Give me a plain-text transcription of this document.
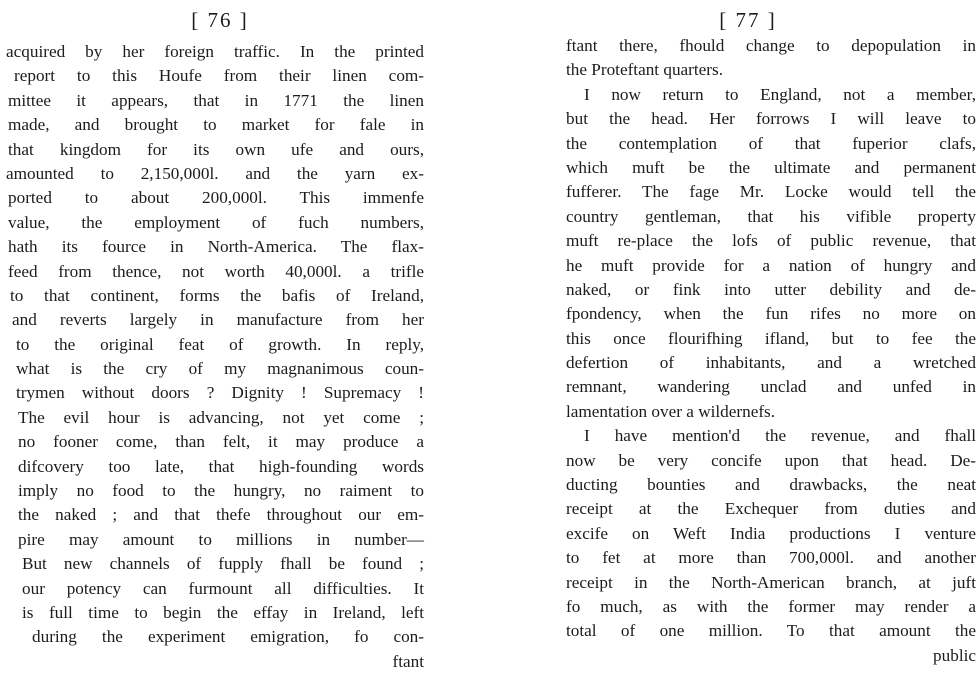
[ 76 ]
acquired by her foreign traffic. In the printed
report to this Houfe from their linen com-
mittee it appears, that in 1771 the linen
made, and brought to market for fale in
that kingdom for its own ufe and ours,
amounted to 2,150,000l. and the yarn ex-
ported to about 200,000l. This immenfe
value, the employment of fuch numbers,
hath its fource in North-America. The flax-
feed from thence, not worth 40,000l. a trifle
to that continent, forms the bafis of Ireland,
and reverts largely in manufacture from her
to the original feat of growth. In reply,
what is the cry of my magnanimous coun-
trymen without doors ? Dignity ! Supremacy !
The evil hour is advancing, not yet come ;
no fooner come, than felt, it may produce a
difcovery too late, that high-founding words
imply no food to the hungry, no raiment to
the naked ; and that thefe throughout our em-
pire may amount to millions in number—
But new channels of fupply fhall be found ;
our potency can furmount all difficulties. It
is full time to begin the effay in Ireland, left
during the experiment emigration, fo con-
ftant
[ 77 ]
ftant there, fhould change to depopulation in
the Proteftant quarters.
I now return to England, not a member,
but the head. Her forrows I will leave to
the contemplation of that fuperior clafs,
which muft be the ultimate and permanent
fufferer. The fage Mr. Locke would tell the
country gentleman, that his vifible property
muft re-place the lofs of public revenue, that
he muft provide for a nation of hungry and
naked, or fink into utter debility and de-
fpondency, when the fun rifes no more on
this once flourifhing ifland, but to fee the
defertion of inhabitants, and a wretched
remnant, wandering unclad and unfed in
lamentation over a wildernefs.
I have mention'd the revenue, and fhall
now be very concife upon that head. De-
ducting bounties and drawbacks, the neat
receipt at the Exchequer from duties and
excife on Weft India productions I venture
to fet at more than 700,000l. and another
receipt in the North-American branch, at juft
fo much, as with the former may render a
total of one million. To that amount the
public
